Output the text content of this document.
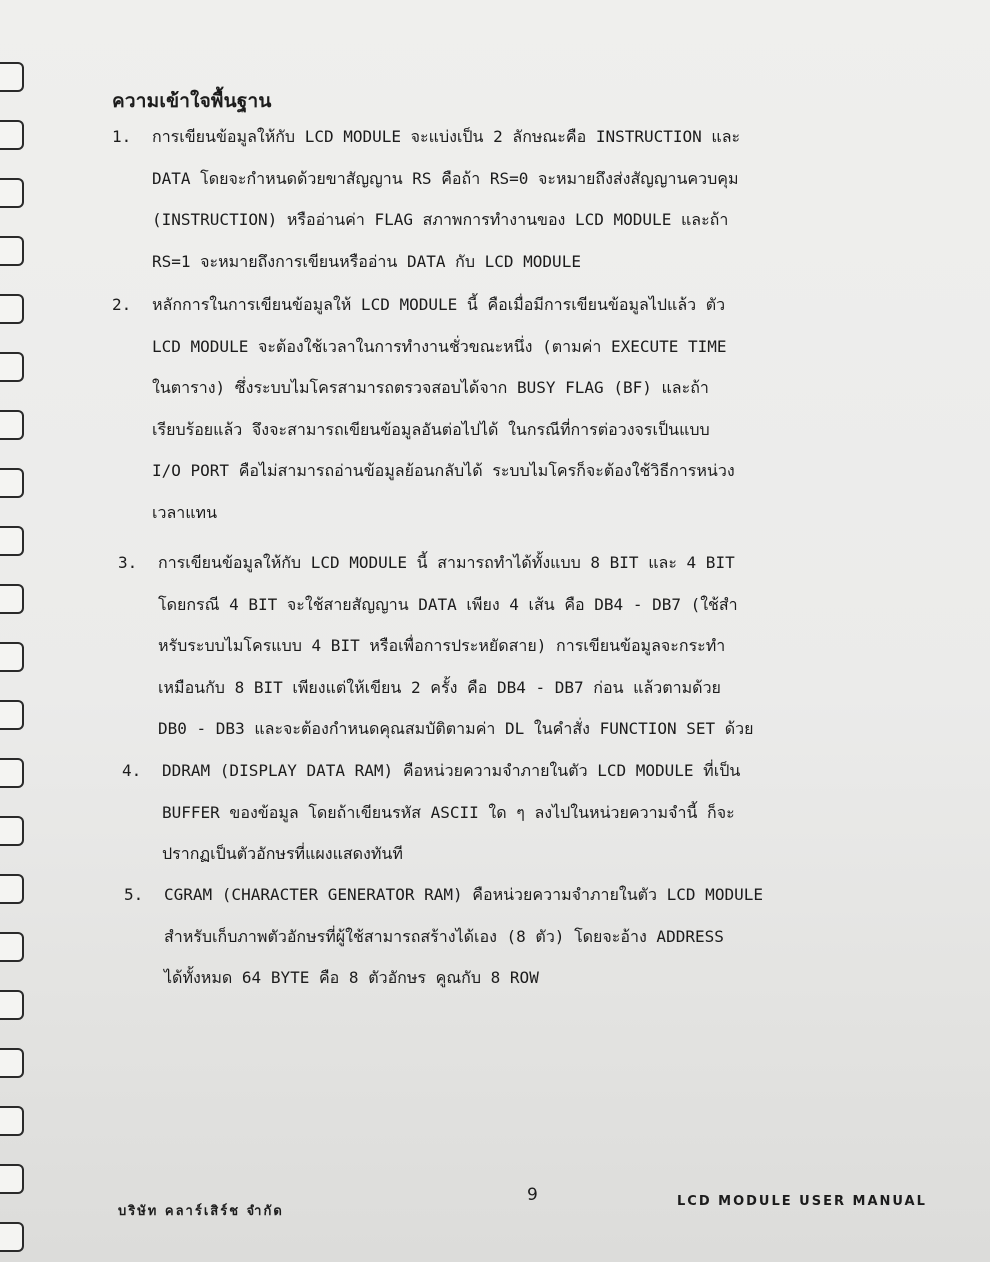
ความเข้าใจพื้นฐาน
1.	การเขียนข้อมูลให้กับ LCD MODULE จะแบ่งเป็น 2 ลักษณะคือ INSTRUCTION และ
DATA โดยจะกำหนดด้วยขาสัญญาน RS คือถ้า RS=0 จะหมายถึงส่งสัญญานควบคุม
(INSTRUCTION) หรืออ่านค่า FLAG สภาพการทำงานของ LCD MODULE และถ้า
RS=1 จะหมายถึงการเขียนหรืออ่าน DATA กับ LCD MODULE
2.	หลักการในการเขียนข้อมูลให้ LCD MODULE นี้ คือเมื่อมีการเขียนข้อมูลไปแล้ว ตัว
LCD MODULE จะต้องใช้เวลาในการทำงานชั่วขณะหนึ่ง (ตามค่า EXECUTE TIME
ในตาราง) ซึ่งระบบไมโครสามารถตรวจสอบได้จาก BUSY FLAG (BF) และถ้า
เรียบร้อยแล้ว จึงจะสามารถเขียนข้อมูลอันต่อไปได้ ในกรณีที่การต่อวงจรเป็นแบบ
I/O PORT คือไม่สามารถอ่านข้อมูลย้อนกลับได้ ระบบไมโครก็จะต้องใช้วิธีการหน่วง
เวลาแทน
3.	การเขียนข้อมูลให้กับ LCD MODULE นี้ สามารถทำได้ทั้งแบบ 8 BIT และ 4 BIT
โดยกรณี 4 BIT จะใช้สายสัญญาน DATA เพียง 4 เส้น คือ DB4 - DB7 (ใช้สำ
หรับระบบไมโครแบบ 4 BIT หรือเพื่อการประหยัดสาย) การเขียนข้อมูลจะกระทำ
เหมือนกับ 8 BIT เพียงแต่ให้เขียน 2 ครั้ง คือ DB4 - DB7 ก่อน แล้วตามด้วย
DB0 - DB3 และจะต้องกำหนดคุณสมบัติตามค่า DL ในคำสั่ง FUNCTION SET ด้วย
4.	DDRAM (DISPLAY DATA RAM) คือหน่วยความจำภายในตัว LCD MODULE ที่เป็น
BUFFER ของข้อมูล โดยถ้าเขียนรหัส ASCII ใด ๆ ลงไปในหน่วยความจำนี้ ก็จะ
ปรากฏเป็นตัวอักษรที่แผงแสดงทันที
5.	CGRAM (CHARACTER GENERATOR RAM) คือหน่วยความจำภายในตัว LCD MODULE
สำหรับเก็บภาพตัวอักษรที่ผู้ใช้สามารถสร้างได้เอง (8 ตัว) โดยจะอ้าง ADDRESS
ได้ทั้งหมด 64 BYTE คือ 8 ตัวอักษร คูณกับ 8 ROW
บริษัท คลาร์เสิร์ช จำกัด
9	LCD MODULE USER MANUAL
